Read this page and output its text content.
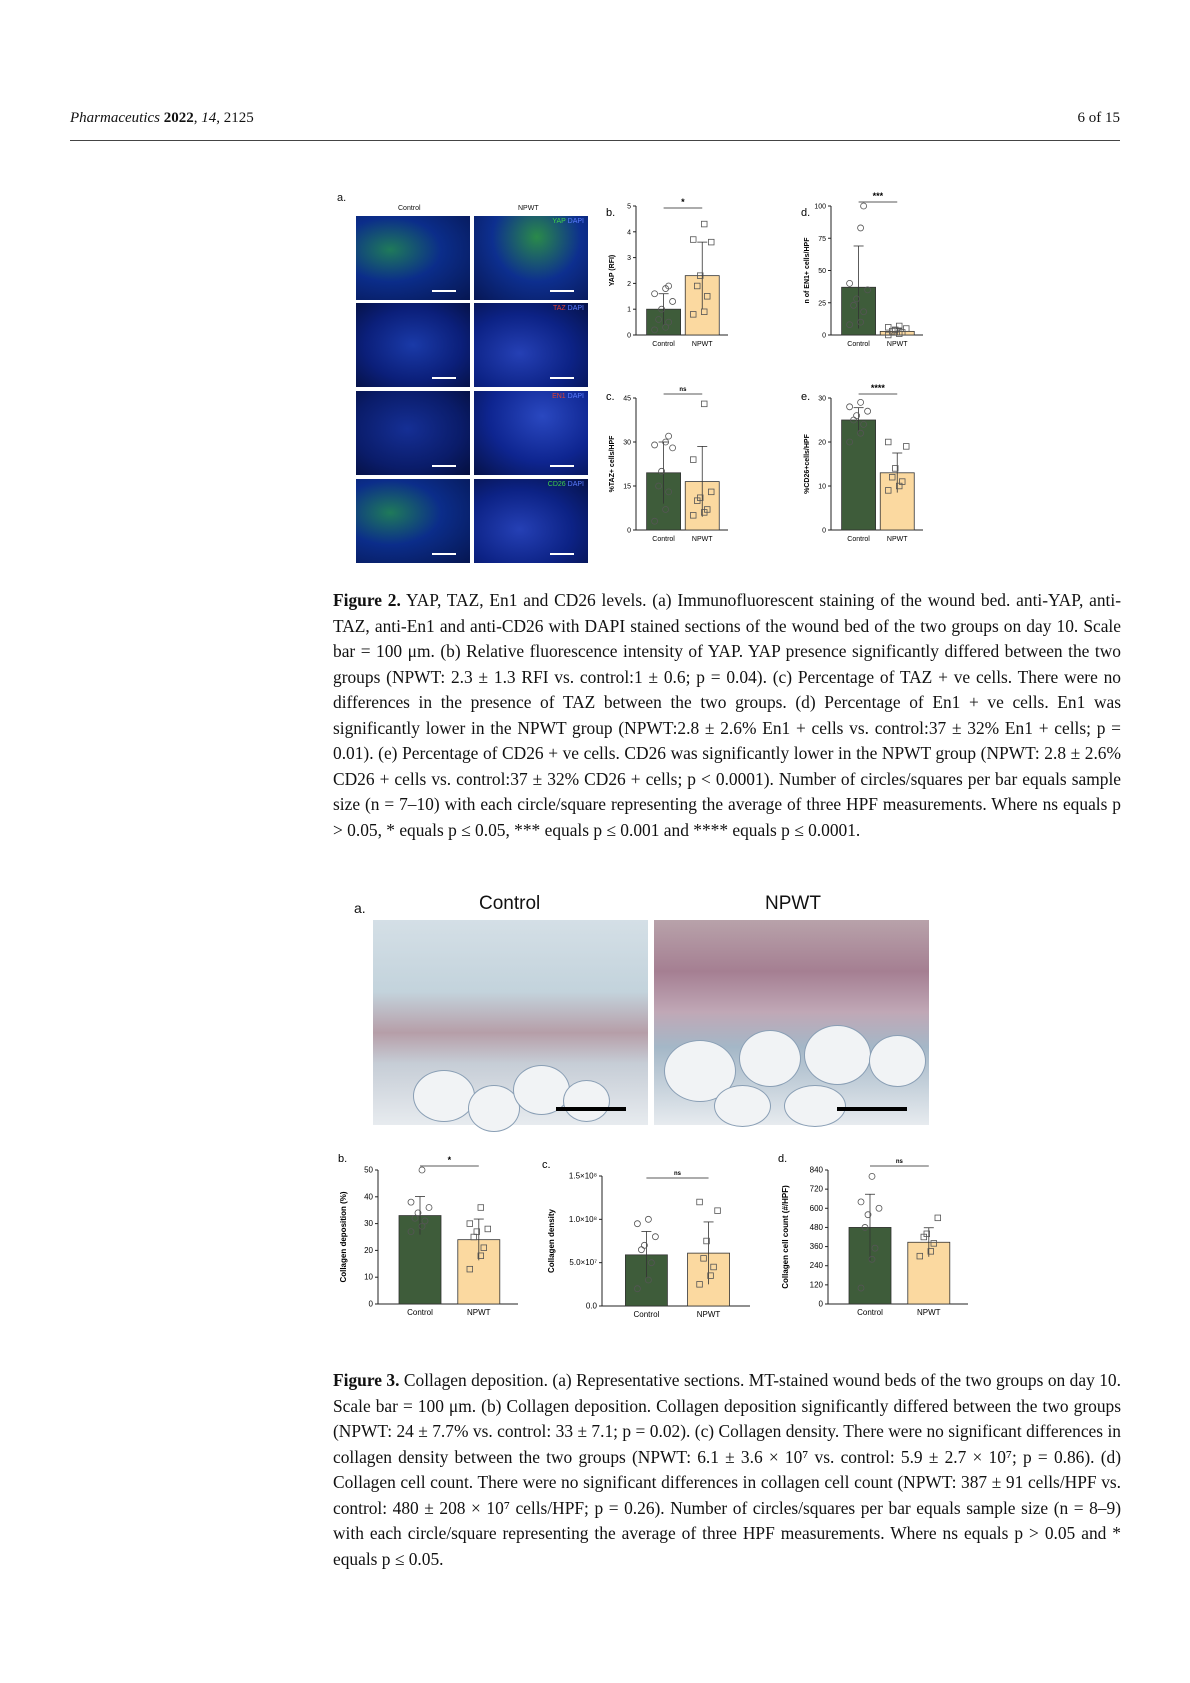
Pharmaceutics 2022, 14, 2125	6 of 15
a.
Control	NPWT
YAP DAPI
TAZ DAPI
EN1 DAPI
CD26 DAPI
b.
0
1
2
3
4
5
YAP (RFI)
Control NPWT
*
d.
0
25
50
75
100
n of EN1+ cells/HPF
Control NPWT
***
c.
0
15
30
45
%TAZ+ cells/HPF
Control NPWT
ns
e.
0
10
20
30
%CD26+cells/HPF
Control NPWT
****
Figure 2. YAP, TAZ, En1 and CD26 levels. (a) Immunofluorescent staining of the wound bed. anti-YAP, anti-TAZ, anti-En1 and anti-CD26 with DAPI stained sections of the wound bed of the two groups on day 10. Scale bar = 100 μm. (b) Relative fluorescence intensity of YAP. YAP presence significantly differed between the two groups (NPWT: 2.3 ± 1.3 RFI vs. control:1 ± 0.6; p = 0.04). (c) Percentage of TAZ + ve cells. There were no differences in the presence of TAZ between the two groups. (d) Percentage of En1 + ve cells. En1 was significantly lower in the NPWT group (NPWT:2.8 ± 2.6% En1 + cells vs. control:37 ± 32% En1 + cells; p = 0.01). (e) Percentage of CD26 + ve cells. CD26 was significantly lower in the NPWT group (NPWT: 2.8 ± 2.6% CD26 + cells vs. control:37 ± 32% CD26 + cells; p < 0.0001). Number of circles/squares per bar equals sample size (n = 7–10) with each circle/square representing the average of three HPF measurements. Where ns equals p > 0.05, * equals p ≤ 0.05, *** equals p ≤ 0.001 and **** equals p ≤ 0.0001.
a.	Control	NPWT
b.
0
10
20
30
40
50
Collagen deposition (%)
Control	NPWT
*	c.
0.0
5.0×10⁷
1.0×10⁸
1.5×10⁸
Collagen density
Control	NPWT
ns
d.
0
120
240
360
480
600
720
840
Collagen cell count (#/HPF)
Control	NPWT
ns
Figure 3. Collagen deposition. (a) Representative sections. MT-stained wound beds of the two groups on day 10. Scale bar = 100 μm. (b) Collagen deposition. Collagen deposition significantly differed between the two groups (NPWT: 24 ± 7.7% vs. control: 33 ± 7.1; p = 0.02). (c) Collagen density. There were no significant differences in collagen density between the two groups (NPWT: 6.1 ± 3.6 × 10⁷ vs. control: 5.9 ± 2.7 × 10⁷; p = 0.86). (d) Collagen cell count. There were no significant differences in collagen cell count (NPWT: 387 ± 91 cells/HPF vs. control: 480 ± 208 × 10⁷ cells/HPF; p = 0.26). Number of circles/squares per bar equals sample size (n = 8–9) with each circle/square representing the average of three HPF measurements. Where ns equals p > 0.05 and * equals p ≤ 0.05.
